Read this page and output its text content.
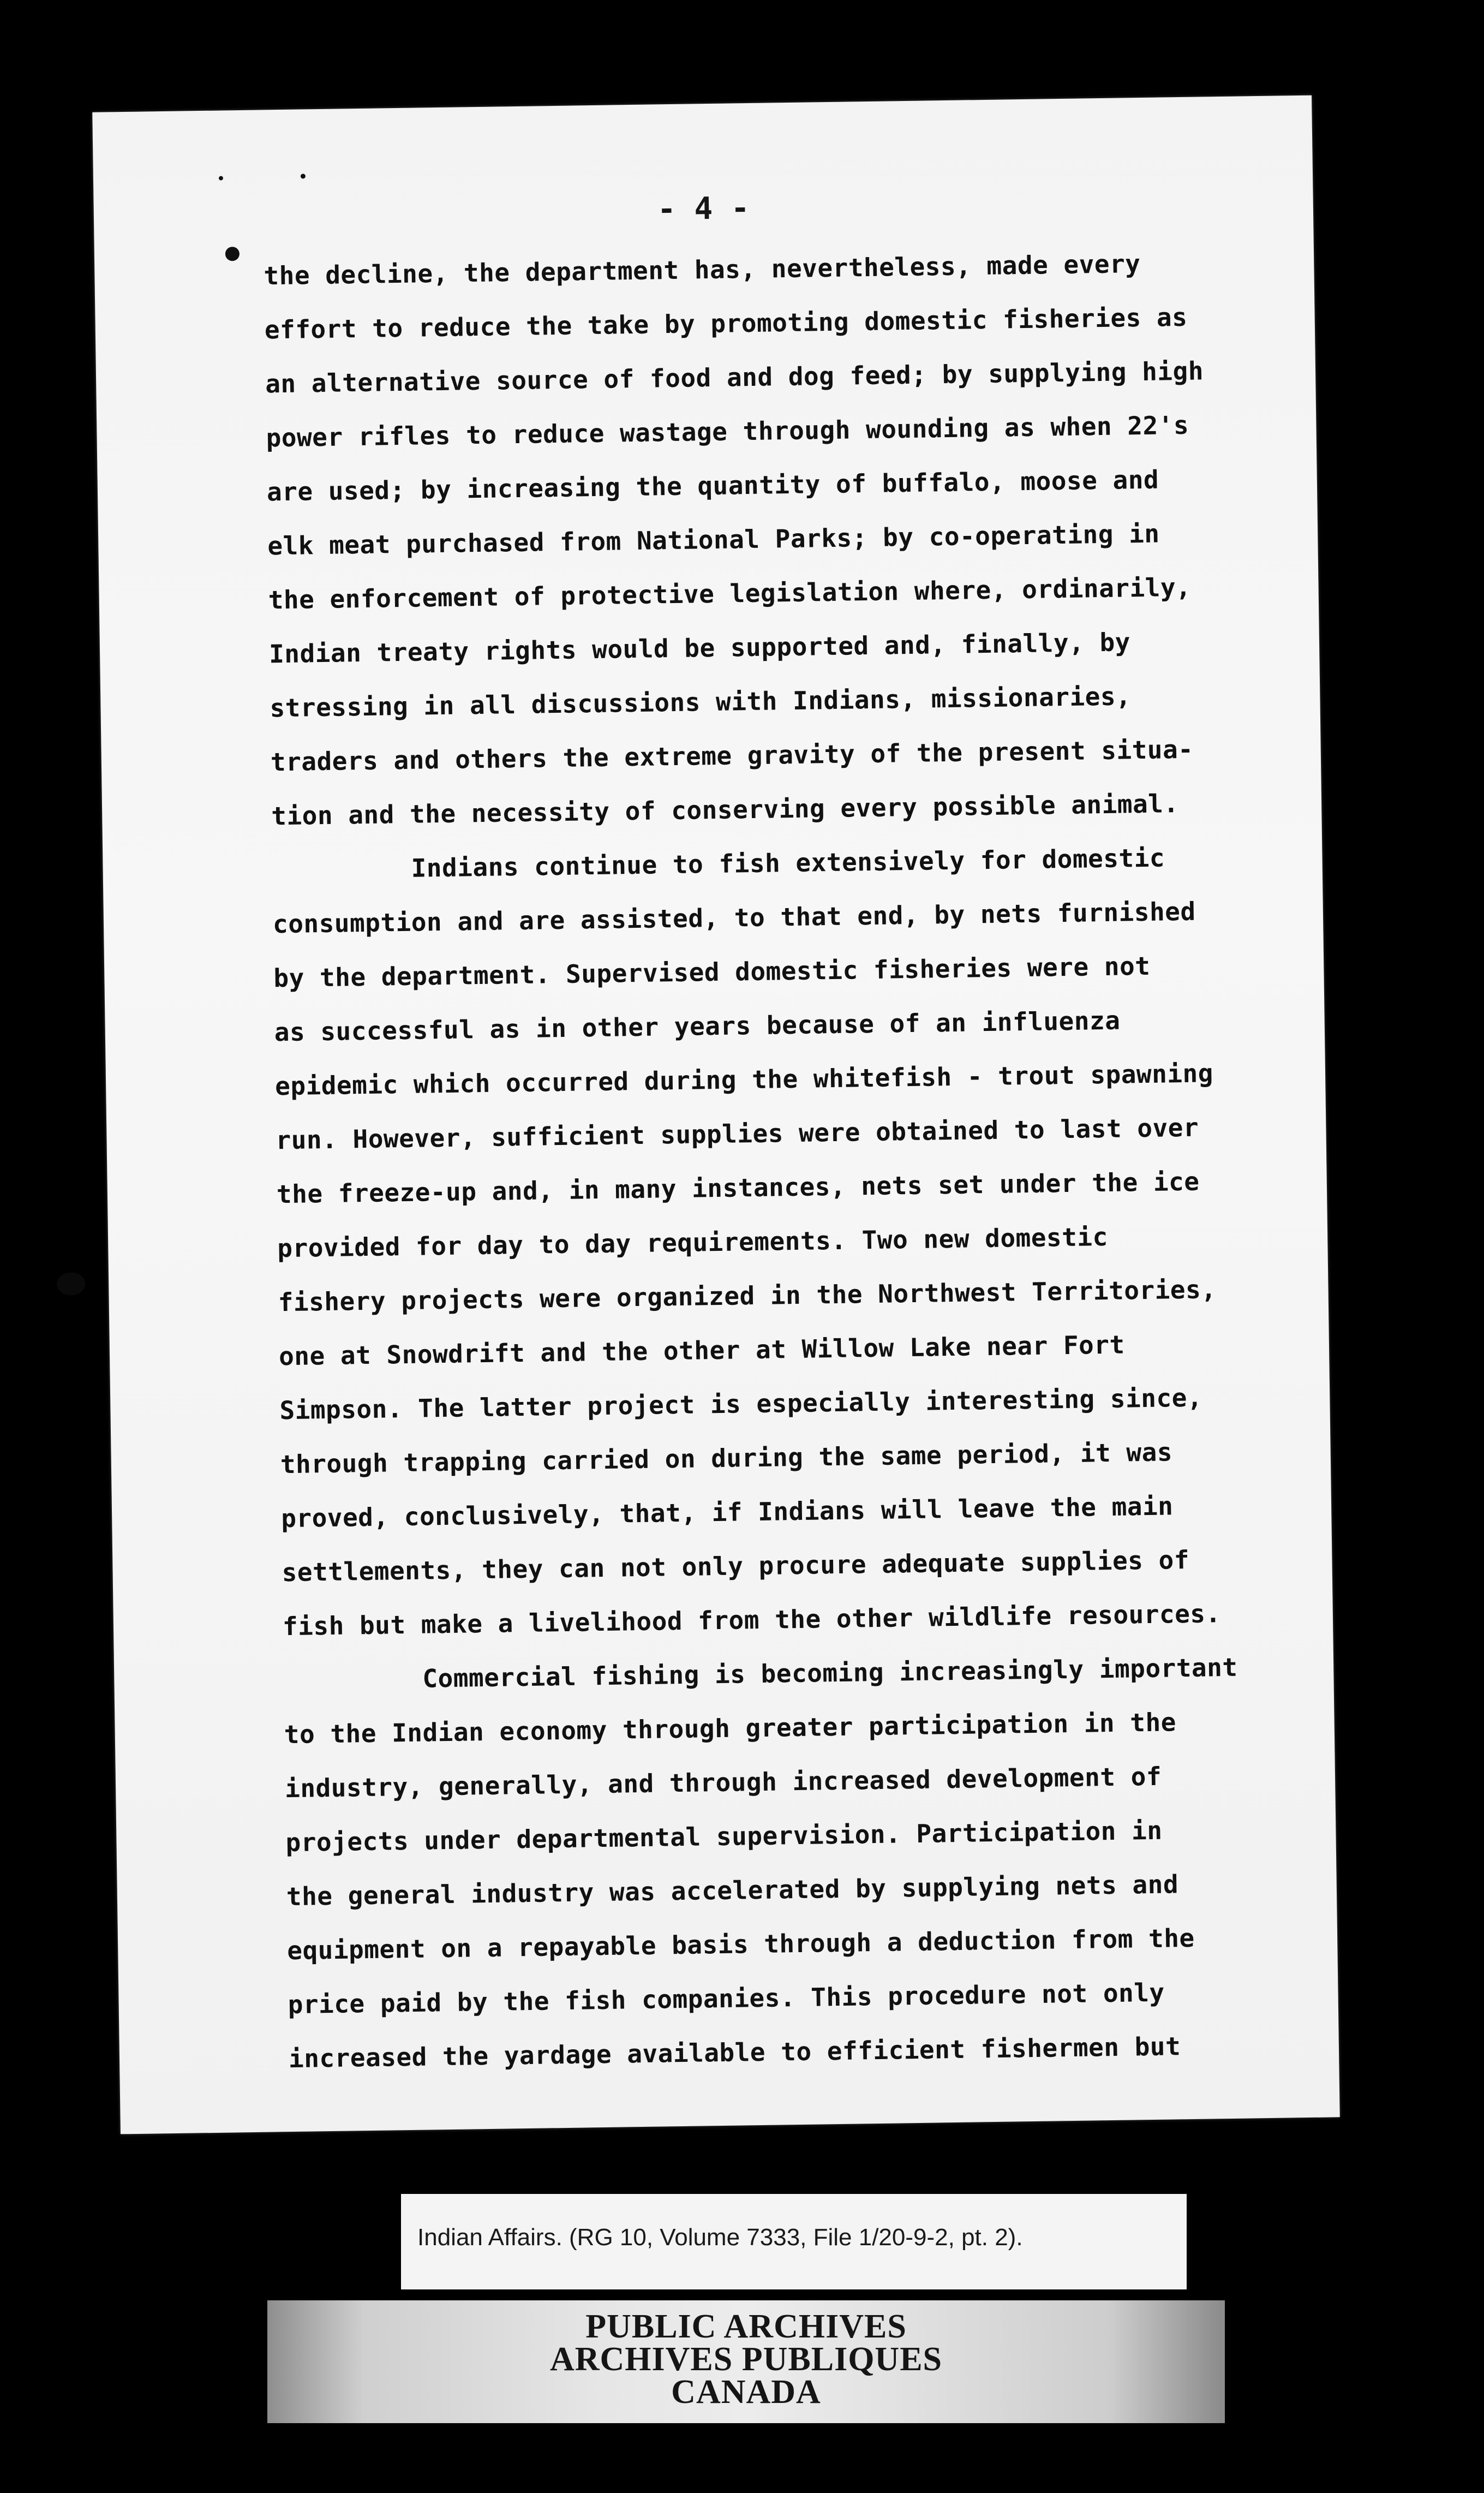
- 4 -
the decline, the department has, nevertheless, made every
effort to reduce the take by promoting domestic fisheries as
an alternative source of food and dog feed; by supplying high
power rifles to reduce wastage through wounding as when 22's
are used; by increasing the quantity of buffalo, moose and
elk meat purchased from National Parks; by co-operating in
the enforcement of protective legislation where, ordinarily,
Indian treaty rights would be supported and, finally, by
stressing in all discussions with Indians, missionaries,
traders and others the extreme gravity of the present situa-
tion and the necessity of conserving every possible animal.
Indians continue to fish extensively for domestic
consumption and are assisted, to that end, by nets furnished
by the department. Supervised domestic fisheries were not
as successful as in other years because of an influenza
epidemic which occurred during the whitefish - trout spawning
run. However, sufficient supplies were obtained to last over
the freeze-up and, in many instances, nets set under the ice
provided for day to day requirements. Two new domestic
fishery projects were organized in the Northwest Territories,
one at Snowdrift and the other at Willow Lake near Fort
Simpson. The latter project is especially interesting since,
through trapping carried on during the same period, it was
proved, conclusively, that, if Indians will leave the main
settlements, they can not only procure adequate supplies of
fish but make a livelihood from the other wildlife resources.
Commercial fishing is becoming increasingly important
to the Indian economy through greater participation in the
industry, generally, and through increased development of
projects under departmental supervision. Participation in
the general industry was accelerated by supplying nets and
equipment on a repayable basis through a deduction from the
price paid by the fish companies. This procedure not only
increased the yardage available to efficient fishermen but
Indian Affairs. (RG 10, Volume 7333, File 1/20-9-2, pt. 2).
PUBLIC ARCHIVES
ARCHIVES PUBLIQUES
CANADA
